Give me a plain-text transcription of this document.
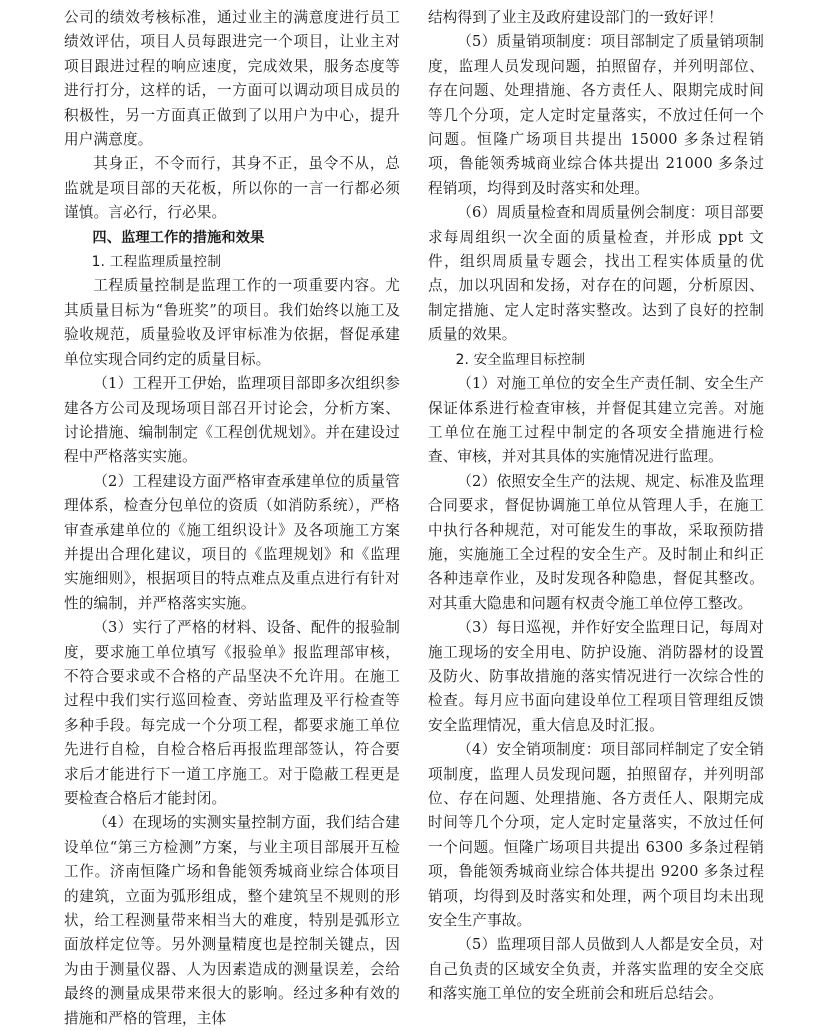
公司的绩效考核标准，通过业主的满意度进行员工绩效评估，项目人员每跟进完一个项目，让业主对项目跟进过程的响应速度，完成效果，服务态度等进行打分，这样的话，一方面可以调动项目成员的积极性，另一方面真正做到了以用户为中心，提升用户满意度。

其身正，不令而行，其身不正，虽令不从，总监就是项目部的天花板，所以你的一言一行都必须谨慎。言必行，行必果。

四、监理工作的措施和效果

1. 工程监理质量控制

工程质量控制是监理工作的一项重要内容。尤其质量目标为“鲁班奖”的项目。我们始终以施工及验收规范，质量验收及评审标准为依据，督促承建单位实现合同约定的质量目标。

（1）工程开工伊始，监理项目部即多次组织参建各方公司及现场项目部召开讨论会，分析方案、讨论措施、编制制定《工程创优规划》。并在建设过程中严格落实实施。

（2）工程建设方面严格审查承建单位的质量管理体系，检查分包单位的资质（如消防系统），严格审查承建单位的《施工组织设计》及各项施工方案并提出合理化建议，项目的《监理规划》和《监理实施细则》，根据项目的特点难点及重点进行有针对性的编制，并严格落实实施。

（3）实行了严格的材料、设备、配件的报验制度，要求施工单位填写《报验单》报监理部审核，不符合要求或不合格的产品坚决不允许用。在施工过程中我们实行巡回检查、旁站监理及平行检查等多种手段。每完成一个分项工程，都要求施工单位先进行自检，自检合格后再报监理部签认，符合要求后才能进行下一道工序施工。对于隐蔽工程更是要检查合格后才能封闭。

（4）在现场的实测实量控制方面，我们结合建设单位“第三方检测”方案，与业主项目部展开互检工作。济南恒隆广场和鲁能领秀城商业综合体项目的建筑，立面为弧形组成，整个建筑呈不规则的形状，给工程测量带来相当大的难度，特别是弧形立面放样定位等。另外测量精度也是控制关键点，因为由于测量仪器、人为因素造成的测量误差，会给最终的测量成果带来很大的影响。经过多种有效的措施和严格的管理，主体

结构得到了业主及政府建设部门的一致好评！

（5）质量销项制度：项目部制定了质量销项制度，监理人员发现问题，拍照留存，并列明部位、存在问题、处理措施、各方责任人、限期完成时间等几个分项，定人定时定量落实，不放过任何一个问题。恒隆广场项目共提出 15000 多条过程销项，鲁能领秀城商业综合体共提出 21000 多条过程销项，均得到及时落实和处理。

（6）周质量检查和周质量例会制度：项目部要求每周组织一次全面的质量检查，并形成 ppt 文件，组织周质量专题会，找出工程实体质量的优点，加以巩固和发扬，对存在的问题，分析原因、制定措施、定人定时落实整改。达到了良好的控制质量的效果。

2. 安全监理目标控制

（1）对施工单位的安全生产责任制、安全生产保证体系进行检查审核，并督促其建立完善。对施工单位在施工过程中制定的各项安全措施进行检查、审核，并对其具体的实施情况进行监理。

（2）依照安全生产的法规、规定、标准及监理合同要求，督促协调施工单位从管理人手，在施工中执行各种规范，对可能发生的事故，采取预防措施，实施施工全过程的安全生产。及时制止和纠正各种违章作业，及时发现各种隐患，督促其整改。对其重大隐患和问题有权责令施工单位停工整改。

（3）每日巡视，并作好安全监理日记，每周对施工现场的安全用电、防护设施、消防器材的设置及防火、防事故措施的落实情况进行一次综合性的检查。每月应书面向建设单位工程项目管理组反馈安全监理情况，重大信息及时汇报。

（4）安全销项制度：项目部同样制定了安全销项制度，监理人员发现问题，拍照留存，并列明部位、存在问题、处理措施、各方责任人、限期完成时间等几个分项，定人定时定量落实，不放过任何一个问题。恒隆广场项目共提出 6300 多条过程销项，鲁能领秀城商业综合体共提出 9200 多条过程销项，均得到及时落实和处理，两个项目均未出现安全生产事故。

（5）监理项目部人员做到人人都是安全员，对自己负责的区域安全负责，并落实监理的安全交底和落实施工单位的安全班前会和班后总结会。
